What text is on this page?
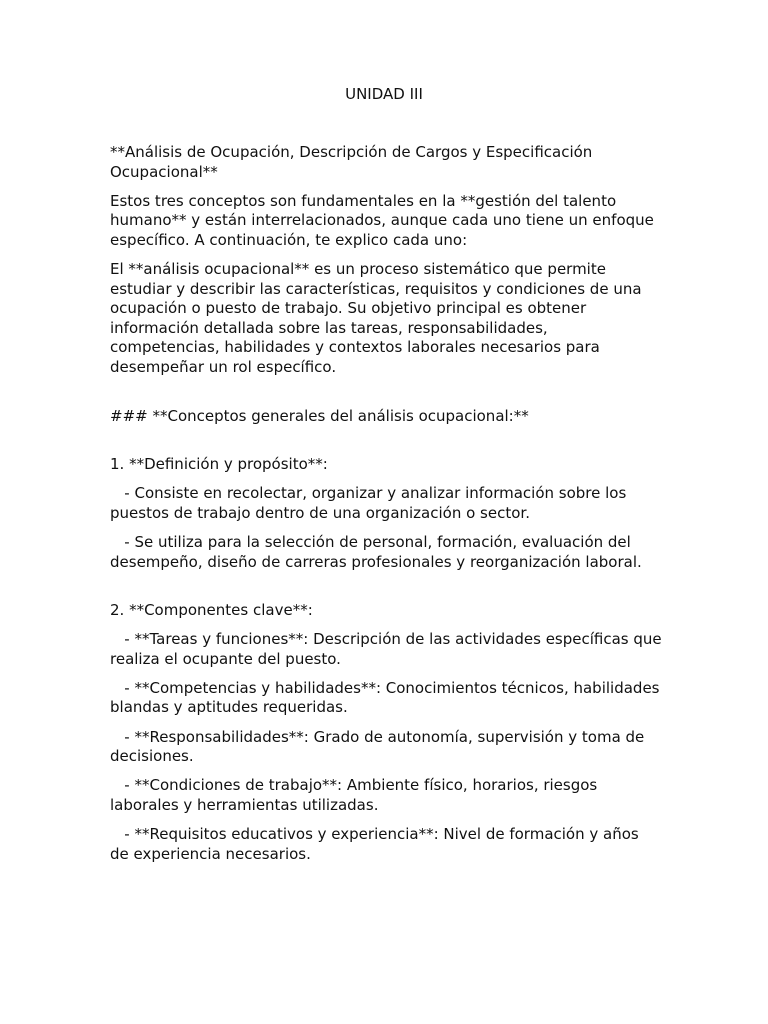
UNIDAD III

**Análisis de Ocupación, Descripción de Cargos y Especificación Ocupacional**

Estos tres conceptos son fundamentales en la **gestión del talento humano** y están interrelacionados, aunque cada uno tiene un enfoque específico. A continuación, te explico cada uno:

El **análisis ocupacional** es un proceso sistemático que permite estudiar y describir las características, requisitos y condiciones de una ocupación o puesto de trabajo. Su objetivo principal es obtener información detallada sobre las tareas, responsabilidades, competencias, habilidades y contextos laborales necesarios para desempeñar un rol específico.

### **Conceptos generales del análisis ocupacional:**

1. **Definición y propósito**:

- Consiste en recolectar, organizar y analizar información sobre los puestos de trabajo dentro de una organización o sector.

- Se utiliza para la selección de personal, formación, evaluación del desempeño, diseño de carreras profesionales y reorganización laboral.

2. **Componentes clave**:

- **Tareas y funciones**: Descripción de las actividades específicas que realiza el ocupante del puesto.

- **Competencias y habilidades**: Conocimientos técnicos, habilidades blandas y aptitudes requeridas.

- **Responsabilidades**: Grado de autonomía, supervisión y toma de decisiones.

- **Condiciones de trabajo**: Ambiente físico, horarios, riesgos laborales y herramientas utilizadas.

- **Requisitos educativos y experiencia**: Nivel de formación y años de experiencia necesarios.
